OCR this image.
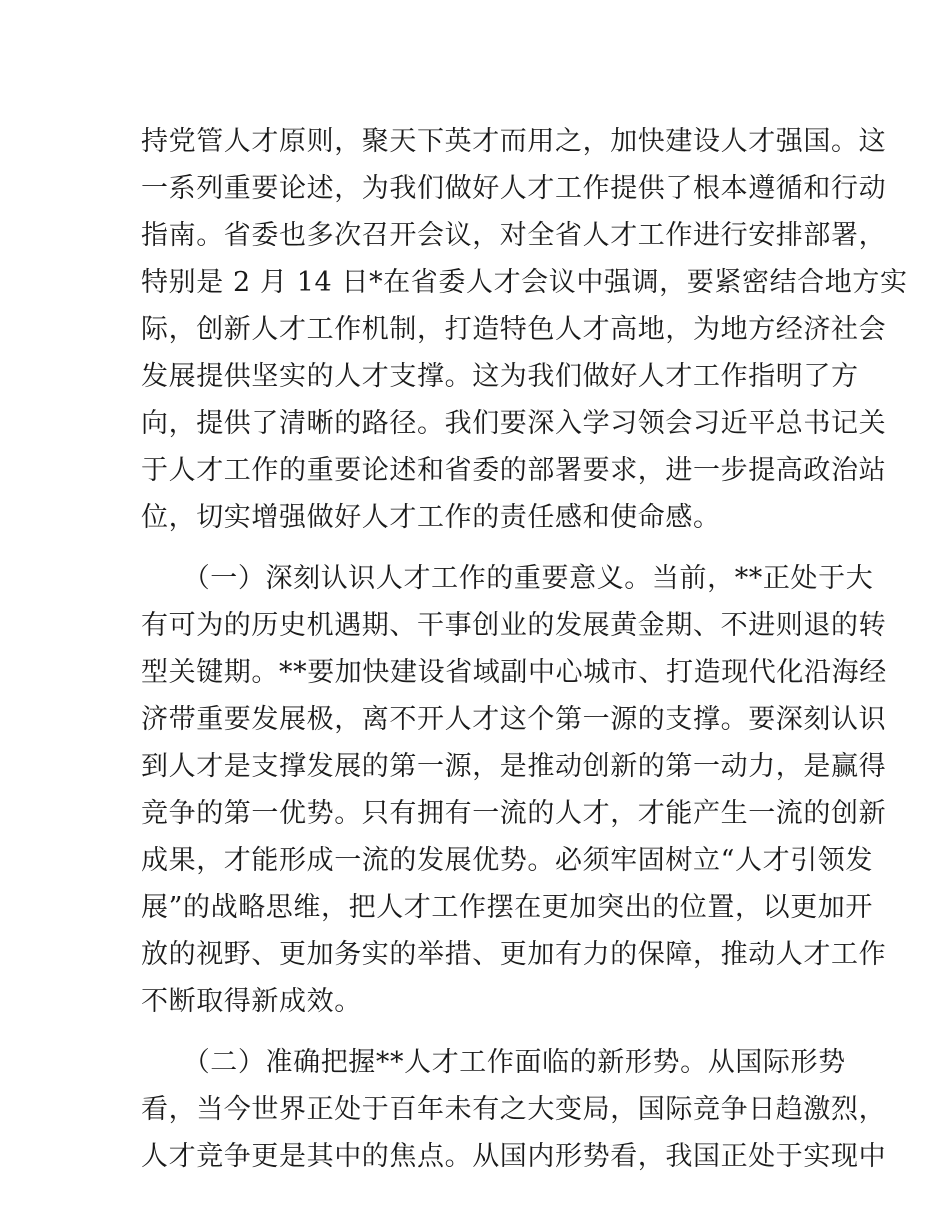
持党管人才原则，聚天下英才而用之，加快建设人才强国。这
一系列重要论述，为我们做好人才工作提供了根本遵循和行动
指南。省委也多次召开会议，对全省人才工作进行安排部署，
特别是 2 月 14 日*在省委人才会议中强调，要紧密结合地方实
际，创新人才工作机制，打造特色人才高地，为地方经济社会
发展提供坚实的人才支撑。这为我们做好人才工作指明了方
向，提供了清晰的路径。我们要深入学习领会习近平总书记关
于人才工作的重要论述和省委的部署要求，进一步提高政治站
位，切实增强做好人才工作的责任感和使命感。
　　（一）深刻认识人才工作的重要意义。当前，**正处于大
有可为的历史机遇期、干事创业的发展黄金期、不进则退的转
型关键期。**要加快建设省域副中心城市、打造现代化沿海经
济带重要发展极，离不开人才这个第一源的支撑。要深刻认识
到人才是支撑发展的第一源，是推动创新的第一动力，是赢得
竞争的第一优势。只有拥有一流的人才，才能产生一流的创新
成果，才能形成一流的发展优势。必须牢固树立“人才引领发
展”的战略思维，把人才工作摆在更加突出的位置，以更加开
放的视野、更加务实的举措、更加有力的保障，推动人才工作
不断取得新成效。
　　（二）准确把握**人才工作面临的新形势。从国际形势
看，当今世界正处于百年未有之大变局，国际竞争日趋激烈，
人才竞争更是其中的焦点。从国内形势看，我国正处于实现中
